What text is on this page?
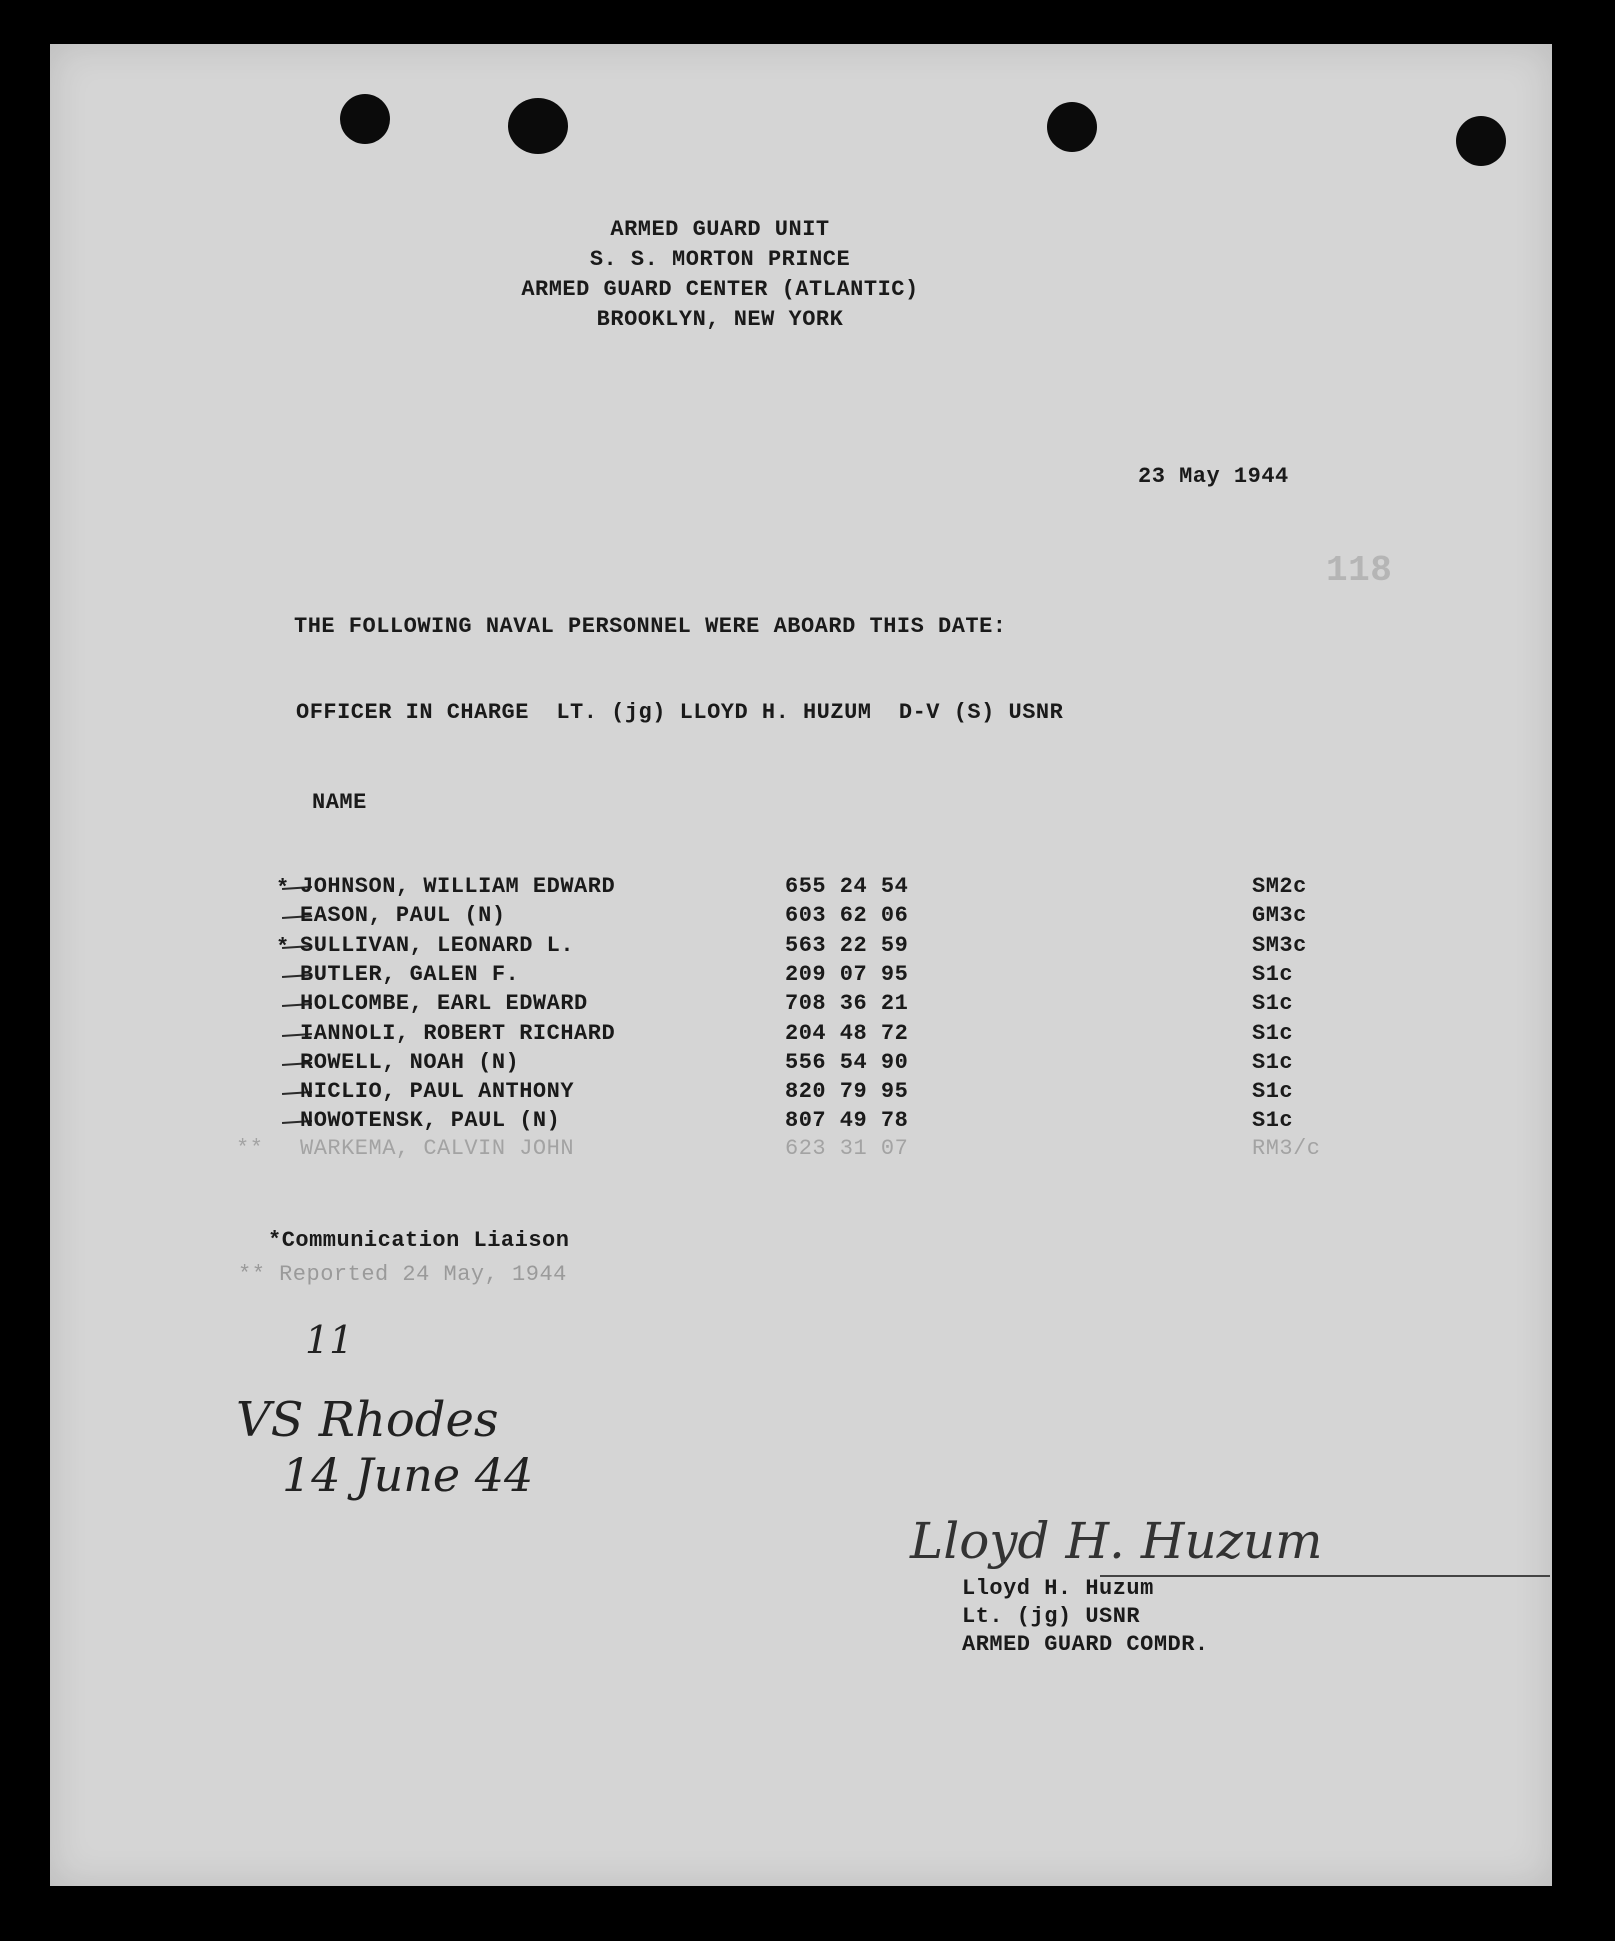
ARMED GUARD UNIT
S. S. MORTON PRINCE
ARMED GUARD CENTER (ATLANTIC)
BROOKLYN, NEW YORK
23 May 1944
118
THE FOLLOWING NAVAL PERSONNEL WERE ABOARD THIS DATE:
OFFICER IN CHARGE  LT. (jg) LLOYD H. HUZUM  D-V (S) USNR
NAME
* JOHNSON, WILLIAM EDWARD	655 24 54	SM2c
EASON, PAUL (N)	603 62 06	GM3c
* SULLIVAN, LEONARD L.	563 22 59	SM3c
BUTLER, GALEN F.	209 07 95	S1c
HOLCOMBE, EARL EDWARD	708 36 21	S1c
IANNOLI, ROBERT RICHARD	204 48 72	S1c
ROWELL, NOAH (N)	556 54 90	S1c
NICLIO, PAUL ANTHONY	820 79 95	S1c
NOWOTENSK, PAUL (N)	807 49 78	S1c
** WARKEMA, CALVIN JOHN	623 31 07	RM3/c
*Communication Liaison
** Reported 24 May, 1944
11
VS Rhodes
14 June 44
Lloyd H. Huzum
Lloyd H. Huzum
Lt. (jg) USNR
ARMED GUARD COMDR.
